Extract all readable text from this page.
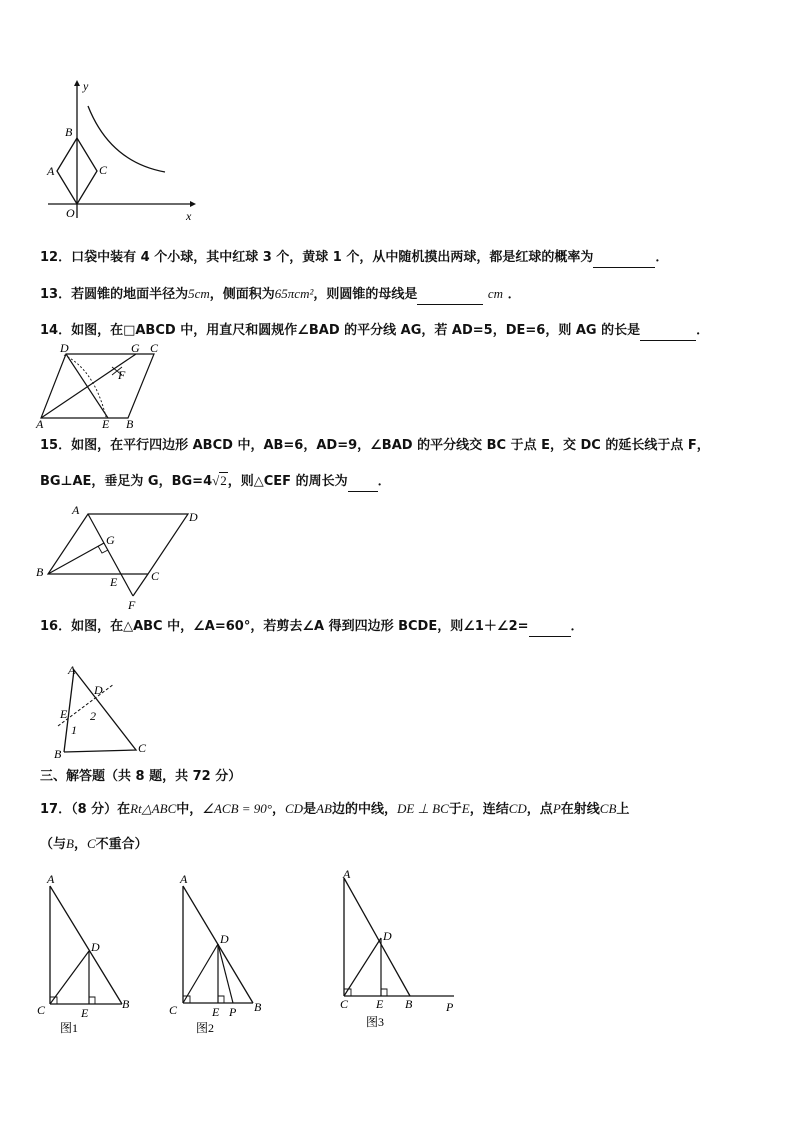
y
x
O
A
B
C
12．口袋中装有 4 个小球，其中红球 3 个，黄球 1 个，从中随机摸出两球，都是红球的概率为	．
13．若圆锥的地面半径为5cm，侧面积为65πcm²，则圆锥的母线是	cm ．
14．如图，在□ABCD 中，用直尺和圆规作∠BAD 的平分线 AG，若 AD=5，DE=6，则 AG 的长是	．
D	G C
F
A	E B
15．如图，在平行四边形 ABCD 中，AB=6，AD=9，∠BAD 的平分线交 BC 于点 E，交 DC 的延长线于点 F，
BG⊥AE，垂足为 G，BG=4√2，则△CEF 的周长为 ．
A	D
G
B
E	C
F
16．如图，在△ABC 中，∠A=60°，若剪去∠A 得到四边形 BCDE，则∠1＋∠2=	．
A
D
E 2
1
B	C
三、解答题（共 8 题，共 72 分）
17．（8 分）在Rt△ABC中，∠ACB = 90°，CD是AB边的中线，DE ⊥ BC于E，连结CD，点P在射线CB上
（与B，C不重合）
A
D
C	E
B
图1
A
D
C	E P B
图2
A
D
C E B	P
图3
